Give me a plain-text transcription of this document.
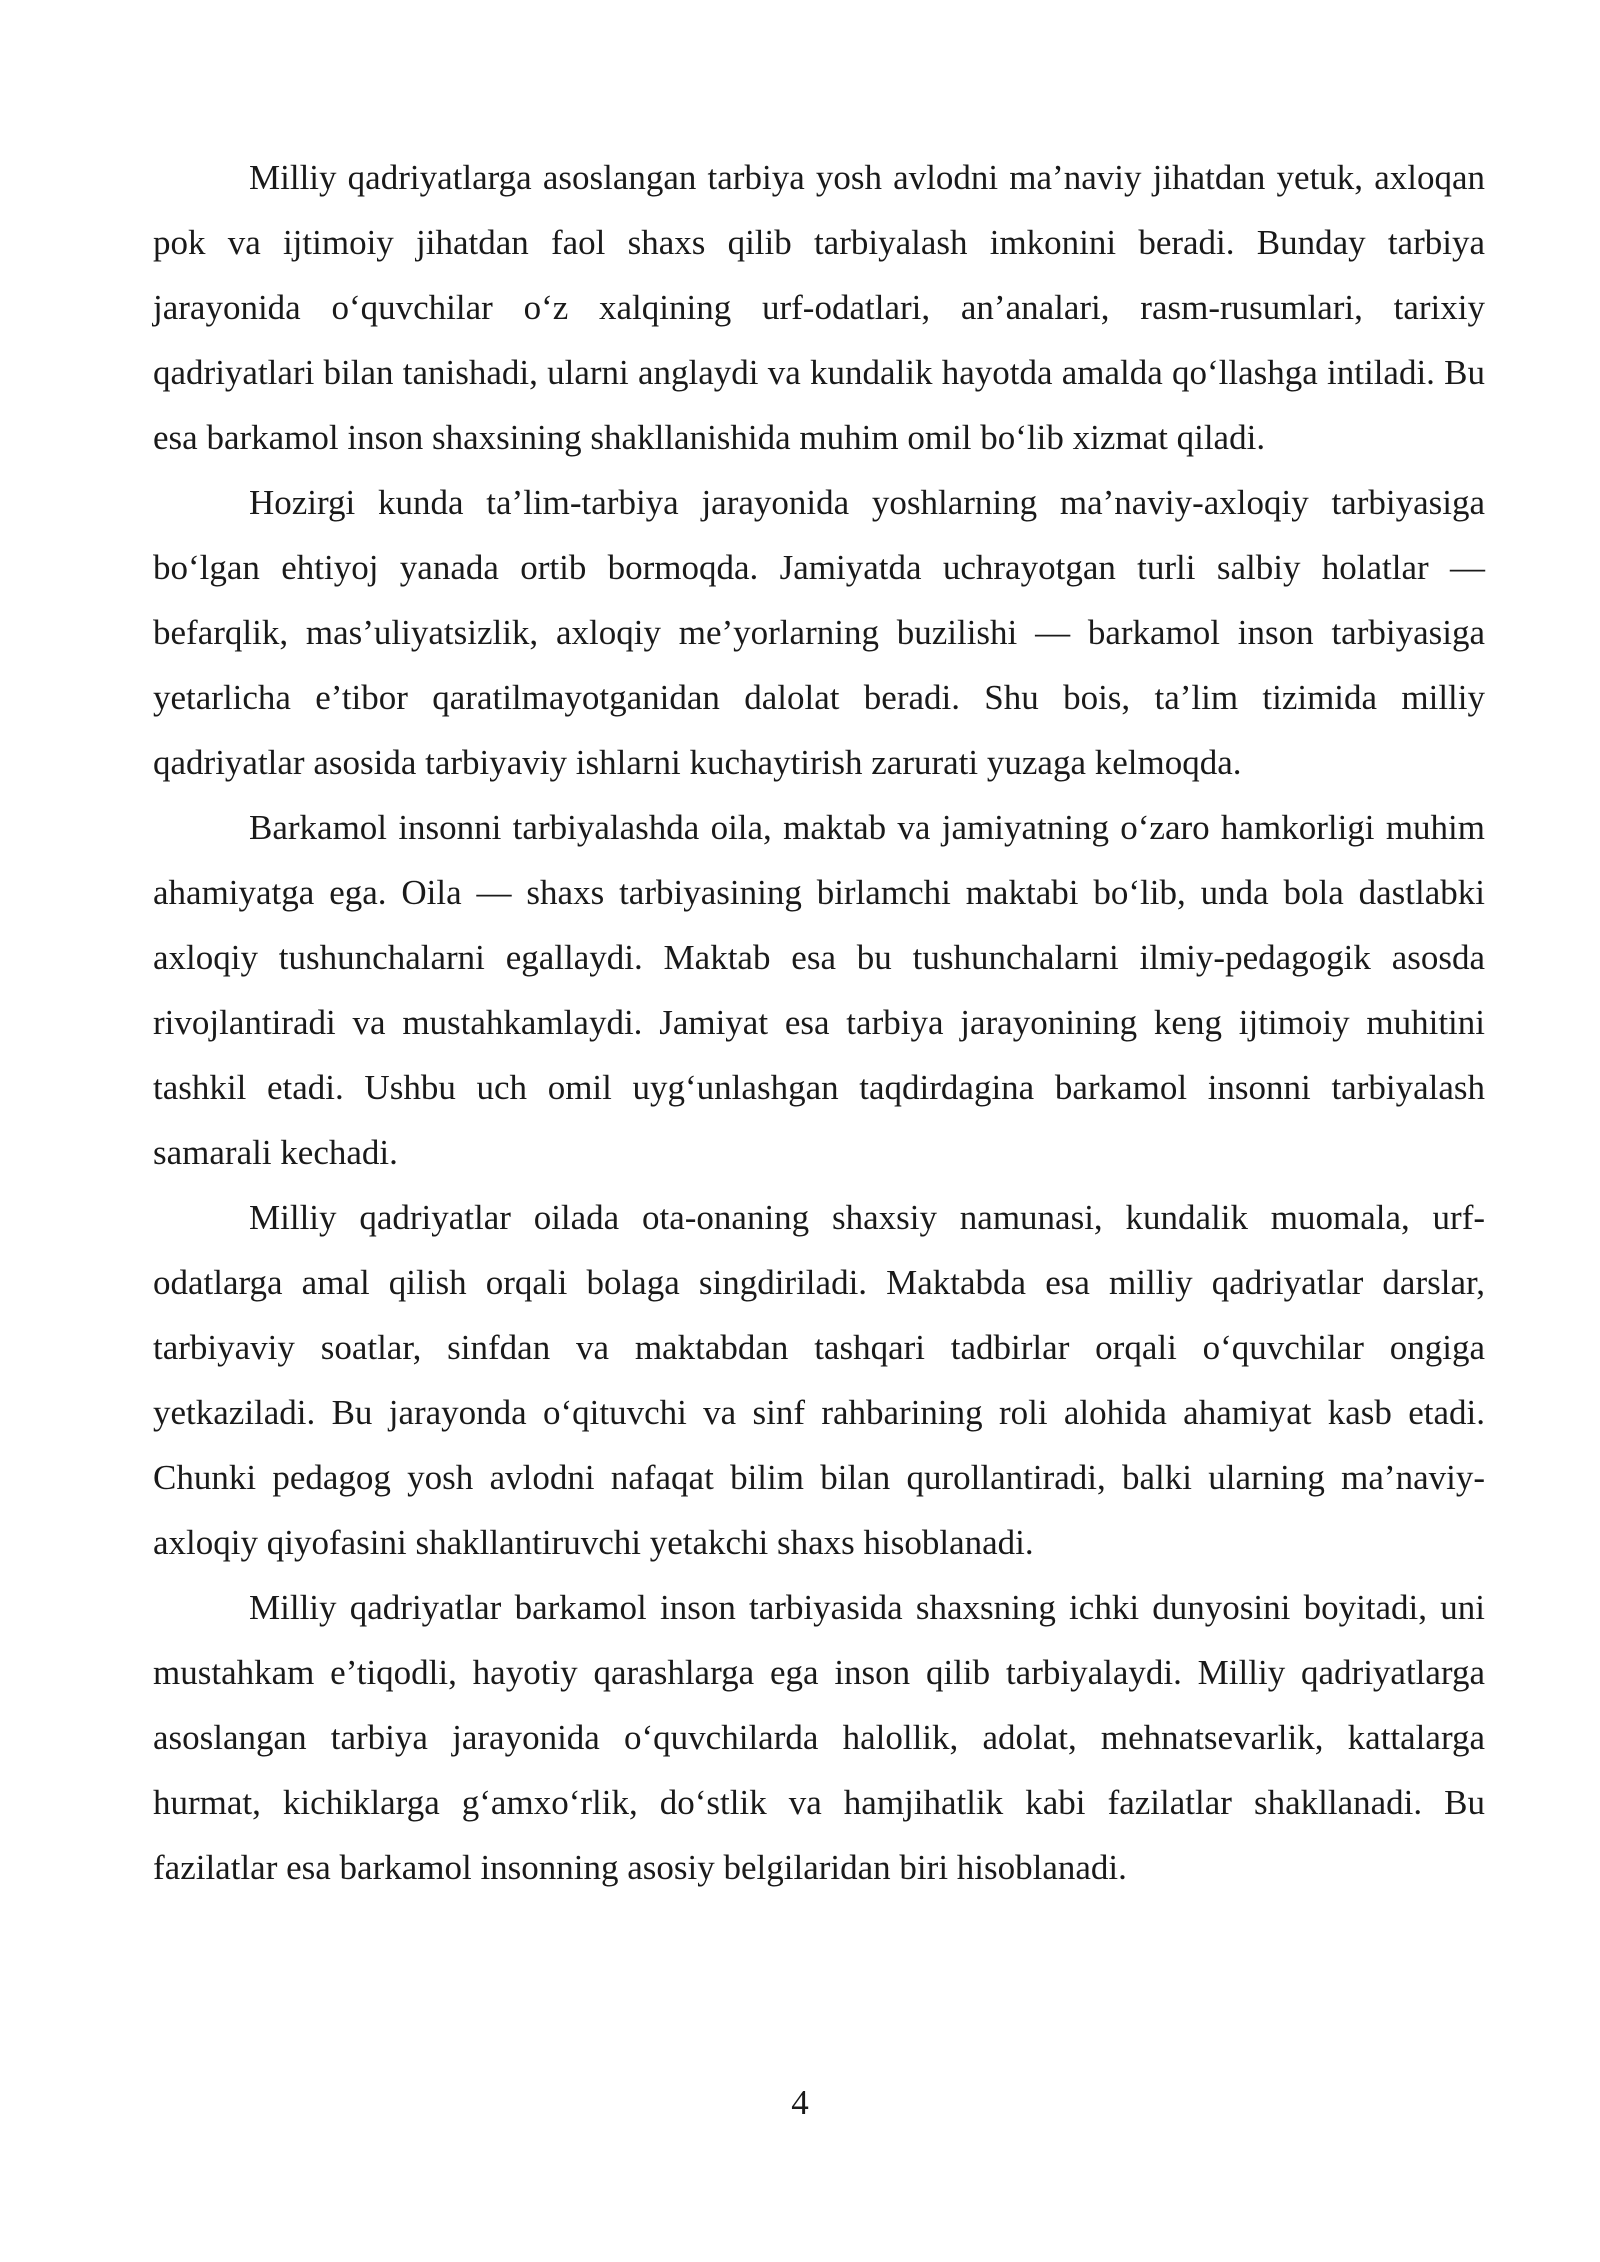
Milliy qadriyatlarga asoslangan tarbiya yosh avlodni ma’naviy jihatdan yetuk, axloqan pok va ijtimoiy jihatdan faol shaxs qilib tarbiyalash imkonini beradi. Bunday tarbiya jarayonida o‘quvchilar o‘z xalqining urf-odatlari, an’analari, rasm-rusumlari, tarixiy qadriyatlari bilan tanishadi, ularni anglaydi va kundalik hayotda amalda qo‘llashga intiladi. Bu esa barkamol inson shaxsining shakllanishida muhim omil bo‘lib xizmat qiladi.

Hozirgi kunda ta’lim-tarbiya jarayonida yoshlarning ma’naviy-axloqiy tarbiyasiga bo‘lgan ehtiyoj yanada ortib bormoqda. Jamiyatda uchrayotgan turli salbiy holatlar — befarqlik, mas’uliyatsizlik, axloqiy me’yorlarning buzilishi — barkamol inson tarbiyasiga yetarlicha e’tibor qaratilmayotganidan dalolat beradi. Shu bois, ta’lim tizimida milliy qadriyatlar asosida tarbiyaviy ishlarni kuchaytirish zarurati yuzaga kelmoqda.

Barkamol insonni tarbiyalashda oila, maktab va jamiyatning o‘zaro hamkorligi muhim ahamiyatga ega. Oila — shaxs tarbiyasining birlamchi maktabi bo‘lib, unda bola dastlabki axloqiy tushunchalarni egallaydi. Maktab esa bu tushunchalarni ilmiy-pedagogik asosda rivojlantiradi va mustahkamlaydi. Jamiyat esa tarbiya jarayonining keng ijtimoiy muhitini tashkil etadi. Ushbu uch omil uyg‘unlashgan taqdirdagina barkamol insonni tarbiyalash samarali kechadi.

Milliy qadriyatlar oilada ota-onaning shaxsiy namunasi, kundalik muomala, urf-odatlarga amal qilish orqali bolaga singdiriladi. Maktabda esa milliy qadriyatlar darslar, tarbiyaviy soatlar, sinfdan va maktabdan tashqari tadbirlar orqali o‘quvchilar ongiga yetkaziladi. Bu jarayonda o‘qituvchi va sinf rahbarining roli alohida ahamiyat kasb etadi. Chunki pedagog yosh avlodni nafaqat bilim bilan qurollantiradi, balki ularning ma’naviy-axloqiy qiyofasini shakllantiruvchi yetakchi shaxs hisoblanadi.

Milliy qadriyatlar barkamol inson tarbiyasida shaxsning ichki dunyosini boyitadi, uni mustahkam e’tiqodli, hayotiy qarashlarga ega inson qilib tarbiyalaydi. Milliy qadriyatlarga asoslangan tarbiya jarayonida o‘quvchilarda halollik, adolat, mehnatsevarlik, kattalarga hurmat, kichiklarga g‘amxo‘rlik, do‘stlik va hamjihatlik kabi fazilatlar shakllanadi. Bu fazilatlar esa barkamol insonning asosiy belgilaridan biri hisoblanadi.

4
